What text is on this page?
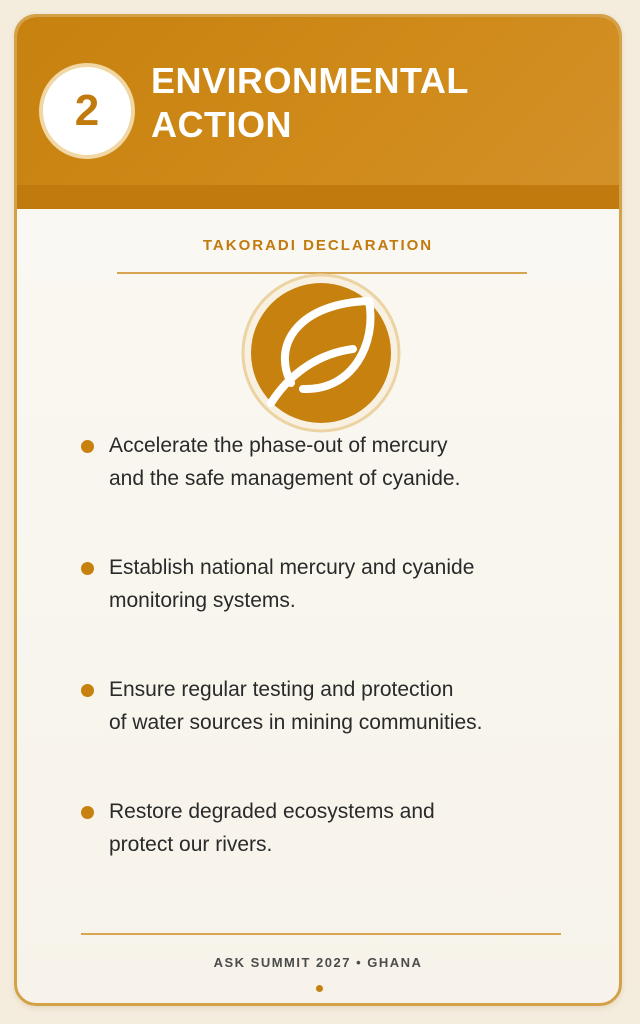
2
ENVIRONMENTAL
ACTION
TAKORADI DECLARATION
Accelerate the phase-out of mercury
and the safe management of cyanide.
Establish national mercury and cyanide
monitoring systems.
Ensure regular testing and protection
of water sources in mining communities.
Restore degraded ecosystems and
protect our rivers.
ASK SUMMIT 2027 • GHANA
